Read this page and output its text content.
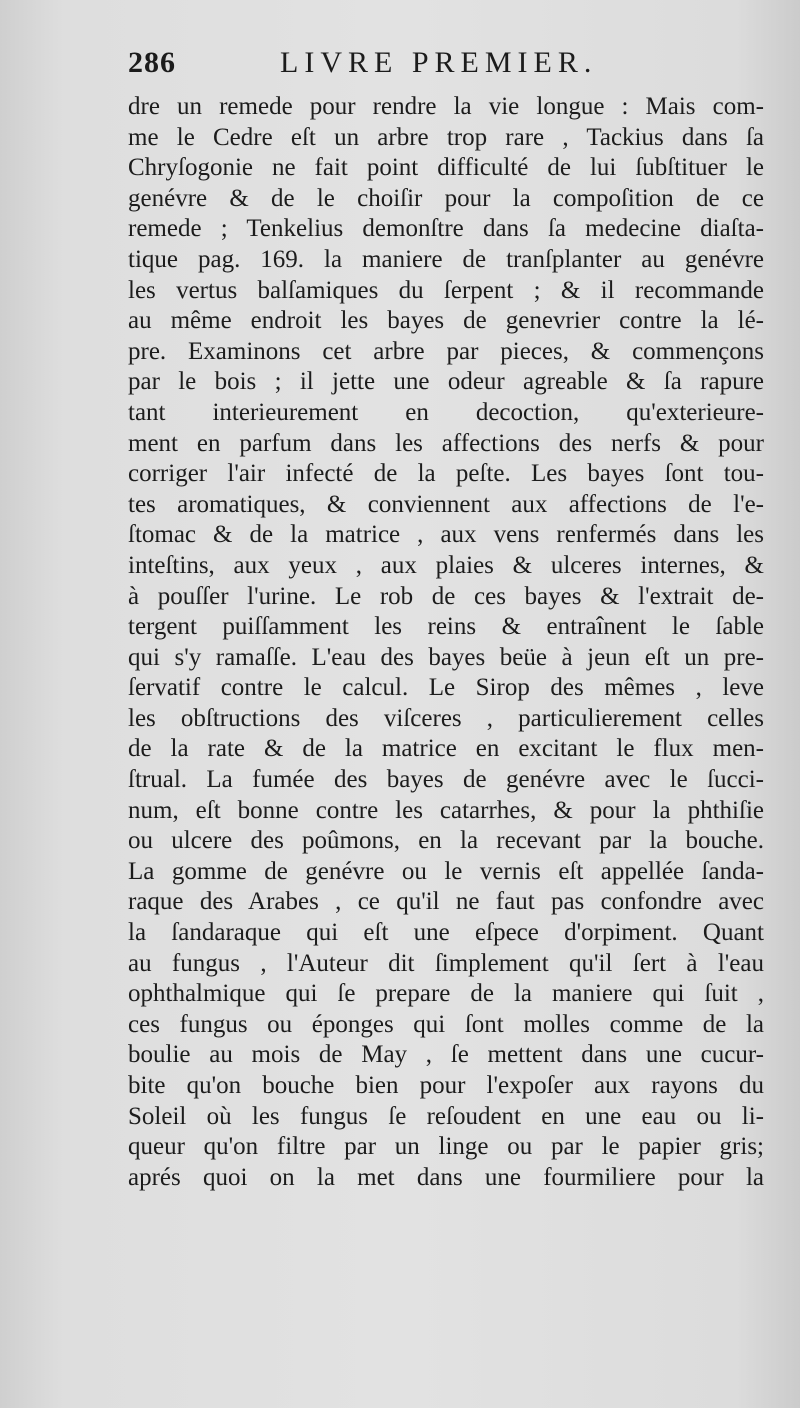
286	LIVRE PREMIER.
dre un remede pour rendre la vie longue : Mais com-
me le Cedre eſt un arbre trop rare , Tackius dans ſa
Chryſogonie ne fait point difficulté de lui ſubſtituer le
genévre & de le choiſir pour la compoſition de ce
remede ; Tenkelius demonſtre dans ſa medecine diaſta-
tique pag. 169. la maniere de tranſplanter au genévre
les vertus balſamiques du ſerpent ; & il recommande
au même endroit les bayes de genevrier contre la lé-
pre. Examinons cet arbre par pieces, & commençons
par le bois ; il jette une odeur agreable & ſa rapure
tant interieurement en decoction, qu'exterieure-
ment en parfum dans les affections des nerfs & pour
corriger l'air infecté de la peſte. Les bayes ſont tou-
tes aromatiques, & conviennent aux affections de l'e-
ſtomac & de la matrice , aux vens renfermés dans les
inteſtins, aux yeux , aux plaies & ulceres internes, &
à pouſſer l'urine. Le rob de ces bayes & l'extrait de-
tergent puiſſamment les reins & entraînent le ſable
qui s'y ramaſſe. L'eau des bayes beüe à jeun eſt un pre-
ſervatif contre le calcul. Le Sirop des mêmes , leve
les obſtructions des viſceres , particulierement celles
de la rate & de la matrice en excitant le flux men-
ſtrual. La fumée des bayes de genévre avec le ſucci-
num, eſt bonne contre les catarrhes, & pour la phthiſie
ou ulcere des poûmons, en la recevant par la bouche.
La gomme de genévre ou le vernis eſt appellée ſanda-
raque des Arabes , ce qu'il ne faut pas confondre avec
la ſandaraque qui eſt une eſpece d'orpiment. Quant
au fungus , l'Auteur dit ſimplement qu'il ſert à l'eau
ophthalmique qui ſe prepare de la maniere qui ſuit ,
ces fungus ou éponges qui ſont molles comme de la
boulie au mois de May , ſe mettent dans une cucur-
bite qu'on bouche bien pour l'expoſer aux rayons du
Soleil où les fungus ſe reſoudent en une eau ou li-
queur qu'on filtre par un linge ou par le papier gris;
aprés quoi on la met dans une fourmiliere pour la
